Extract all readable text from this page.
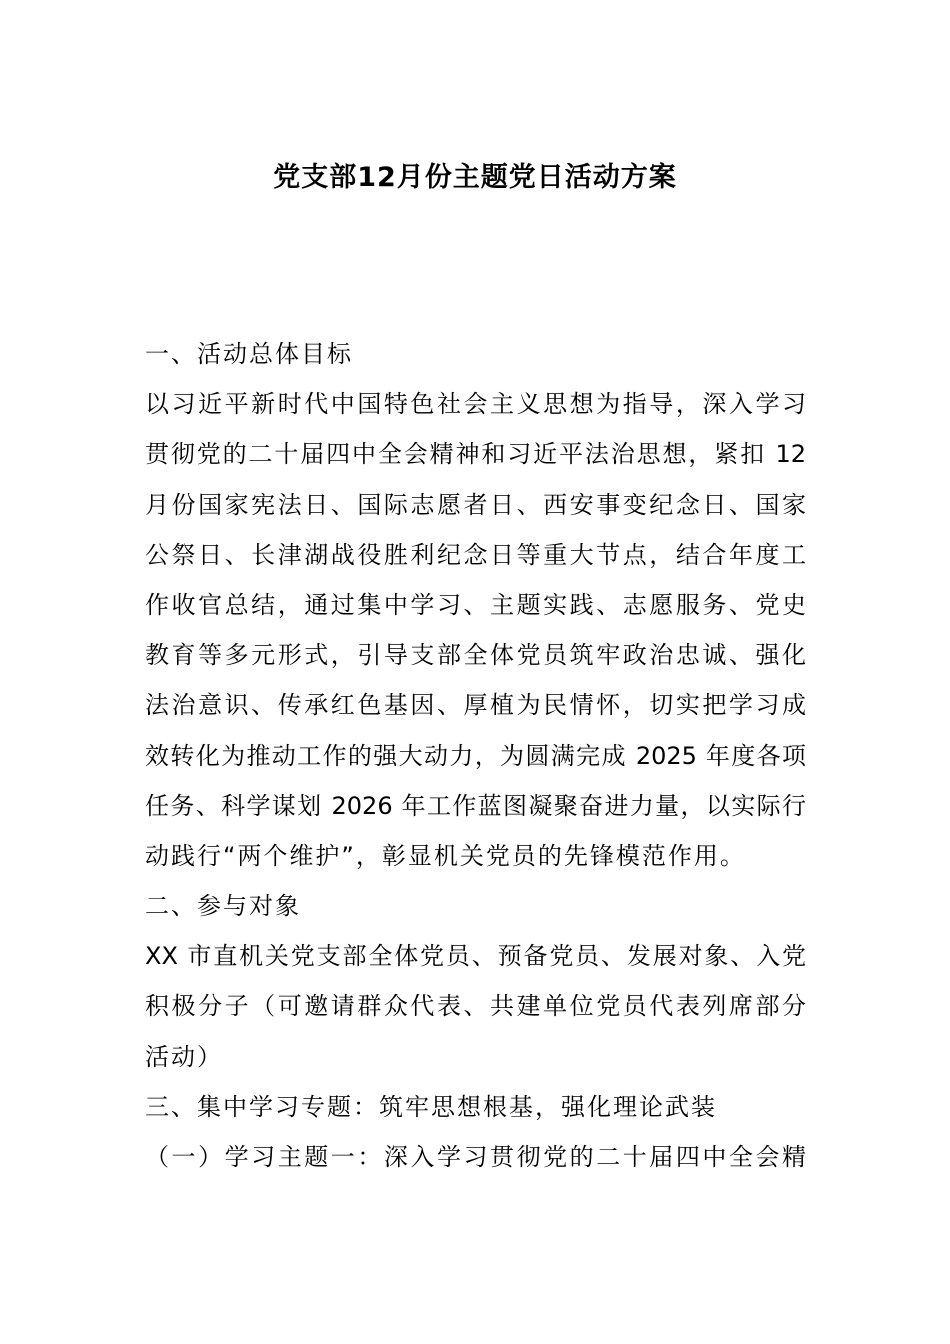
党支部12月份主题党日活动方案
一、活动总体目标
以习近平新时代中国特色社会主义思想为指导，深入学习
贯彻党的二十届四中全会精神和习近平法治思想，紧扣 12
月份国家宪法日、国际志愿者日、西安事变纪念日、国家
公祭日、长津湖战役胜利纪念日等重大节点，结合年度工
作收官总结，通过集中学习、主题实践、志愿服务、党史
教育等多元形式，引导支部全体党员筑牢政治忠诚、强化
法治意识、传承红色基因、厚植为民情怀，切实把学习成
效转化为推动工作的强大动力，为圆满完成 2025 年度各项
任务、科学谋划 2026 年工作蓝图凝聚奋进力量，以实际行
动践行“两个维护”，彰显机关党员的先锋模范作用。
二、参与对象
XX 市直机关党支部全体党员、预备党员、发展对象、入党
积极分子（可邀请群众代表、共建单位党员代表列席部分
活动）
三、集中学习专题：筑牢思想根基，强化理论武装
（一）学习主题一：深入学习贯彻党的二十届四中全会精
